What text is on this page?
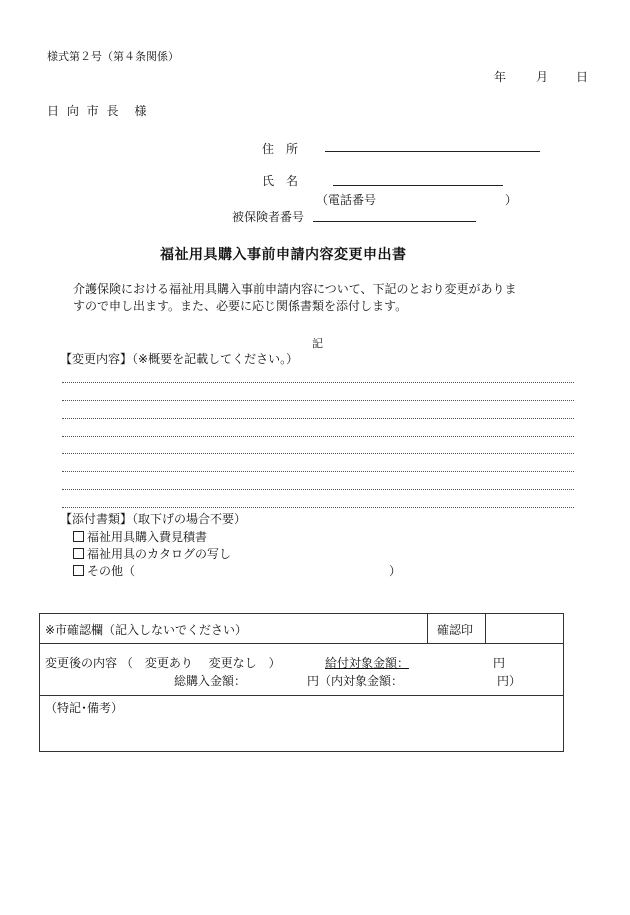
様式第２号（第４条関係）
年 月 日
日 向 市 長　様
住　所
氏　名
（電話番号	）
被保険者番号
福祉用具購入事前申請内容変更申出書
介護保険における福祉用具購入事前申請内容について、下記のとおり変更がありま
すので申し出ます。また、必要に応じ関係書類を添付します。
記
【変更内容】（※概要を記載してください。）
【添付書類】（取下げの場合不要）
福祉用具購入費見積書
福祉用具のカタログの写し
その他（	）
※市確認欄（記入しないでください）	確認印
変更後の内容 （　変更あり　 変更なし　）	給付対象金額：	円
総購入金額：	円（内対象金額：	円）
（特記･備考）
